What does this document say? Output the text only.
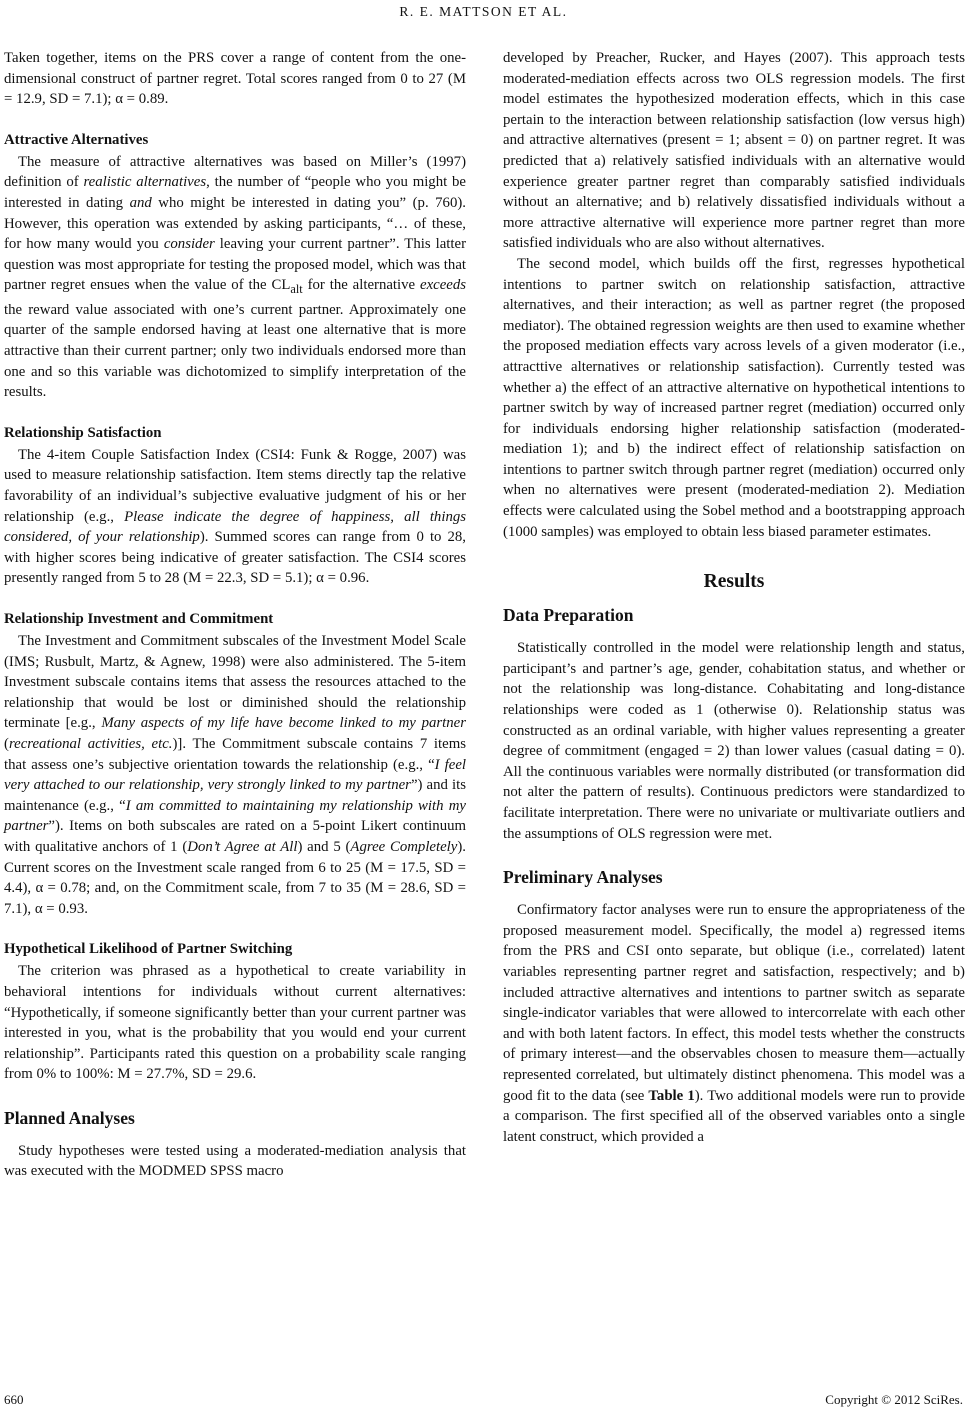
R. E. MATTSON ET AL.

Taken together, items on the PRS cover a range of content from the one-dimensional construct of partner regret. Total scores ranged from 0 to 27 (M = 12.9, SD = 7.1); α = 0.89.

Attractive Alternatives

The measure of attractive alternatives was based on Miller’s (1997) definition of realistic alternatives, the number of “people who you might be interested in dating and who might be interested in dating you” (p. 760). However, this operation was extended by asking participants, “… of these, for how many would you consider leaving your current partner”. This latter question was most appropriate for testing the proposed model, which was that partner regret ensues when the value of the $CL_{alt}$ for the alternative exceeds the reward value associated with one’s current partner. Approximately one quarter of the sample endorsed having at least one alternative that is more attractive than their current partner; only two individuals endorsed more than one and so this variable was dichotomized to simplify interpretation of the results.

Relationship Satisfaction

The 4-item Couple Satisfaction Index (CSI4: Funk & Rogge, 2007) was used to measure relationship satisfaction. Item stems directly tap the relative favorability of an individual’s subjective evaluative judgment of his or her relationship (e.g., Please indicate the degree of happiness, all things considered, of your relationship). Summed scores can range from 0 to 28, with higher scores being indicative of greater satisfaction. The CSI4 scores presently ranged from 5 to 28 (M = 22.3, SD = 5.1); α = 0.96.

Relationship Investment and Commitment

The Investment and Commitment subscales of the Investment Model Scale (IMS; Rusbult, Martz, & Agnew, 1998) were also administered. The 5-item Investment subscale contains items that assess the resources attached to the relationship that would be lost or diminished should the relationship terminate [e.g., Many aspects of my life have become linked to my partner (recreational activities, etc.)]. The Commitment subscale contains 7 items that assess one’s subjective orientation towards the relationship (e.g., “I feel very attached to our relationship, very strongly linked to my partner”) and its maintenance (e.g., “I am committed to maintaining my relationship with my partner”). Items on both subscales are rated on a 5-point Likert continuum with qualitative anchors of 1 (Don’t Agree at All) and 5 (Agree Completely). Current scores on the Investment scale ranged from 6 to 25 (M = 17.5, SD = 4.4), α = 0.78; and, on the Commitment scale, from 7 to 35 (M = 28.6, SD = 7.1), α = 0.93.

Hypothetical Likelihood of Partner Switching

The criterion was phrased as a hypothetical to create variability in behavioral intentions for individuals without current alternatives: “Hypothetically, if someone significantly better than your current partner was interested in you, what is the probability that you would end your current relationship”. Participants rated this question on a probability scale ranging from 0% to 100%: M = 27.7%, SD = 29.6.

Planned Analyses

Study hypotheses were tested using a moderated-mediation analysis that was executed with the MODMED SPSS macro

developed by Preacher, Rucker, and Hayes (2007). This approach tests moderated-mediation effects across two OLS regression models. The first model estimates the hypothesized moderation effects, which in this case pertain to the interaction between relationship satisfaction (low versus high) and attractive alternatives (present = 1; absent = 0) on partner regret. It was predicted that a) relatively satisfied individuals with an alternative would experience greater partner regret than comparably satisfied individuals without an alternative; and b) relatively dissatisfied individuals without a more attractive alternative will experience more partner regret than more satisfied individuals who are also without alternatives.

The second model, which builds off the first, regresses hypothetical intentions to partner switch on relationship satisfaction, attractive alternatives, and their interaction; as well as partner regret (the proposed mediator). The obtained regression weights are then used to examine whether the proposed mediation effects vary across levels of a given moderator (i.e., attracttive alternatives or relationship satisfaction). Currently tested was whether a) the effect of an attractive alternative on hypothetical intentions to partner switch by way of increased partner regret (mediation) occurred only for individuals endorsing higher relationship satisfaction (moderated-mediation 1); and b) the indirect effect of relationship satisfaction on intentions to partner switch through partner regret (mediation) occurred only when no alternatives were present (moderated-mediation 2). Mediation effects were calculated using the Sobel method and a bootstrapping approach (1000 samples) was employed to obtain less biased parameter estimates.

Results
Data Preparation

Statistically controlled in the model were relationship length and status, participant’s and partner’s age, gender, cohabitation status, and whether or not the relationship was long-distance. Cohabitating and long-distance relationships were coded as 1 (otherwise 0). Relationship status was constructed as an ordinal variable, with higher values representing a greater degree of commitment (engaged = 2) than lower values (casual dating = 0). All the continuous variables were normally distributed (or transformation did not alter the pattern of results). Continuous predictors were standardized to facilitate interpretation. There were no univariate or multivariate outliers and the assumptions of OLS regression were met.

Preliminary Analyses

Confirmatory factor analyses were run to ensure the appropriateness of the proposed measurement model. Specifically, the model a) regressed items from the PRS and CSI onto separate, but oblique (i.e., correlated) latent variables representing partner regret and satisfaction, respectively; and b) included attractive alternatives and intentions to partner switch as separate single-indicator variables that were allowed to intercorrelate with each other and with both latent factors. In effect, this model tests whether the constructs of primary interest—and the observables chosen to measure them—actually represented correlated, but ultimately distinct phenomena. This model was a good fit to the data (see Table 1). Two additional models were run to provide a comparison. The first specified all of the observed variables onto a single latent construct, which provided a

660	Copyright © 2012 SciRes.
